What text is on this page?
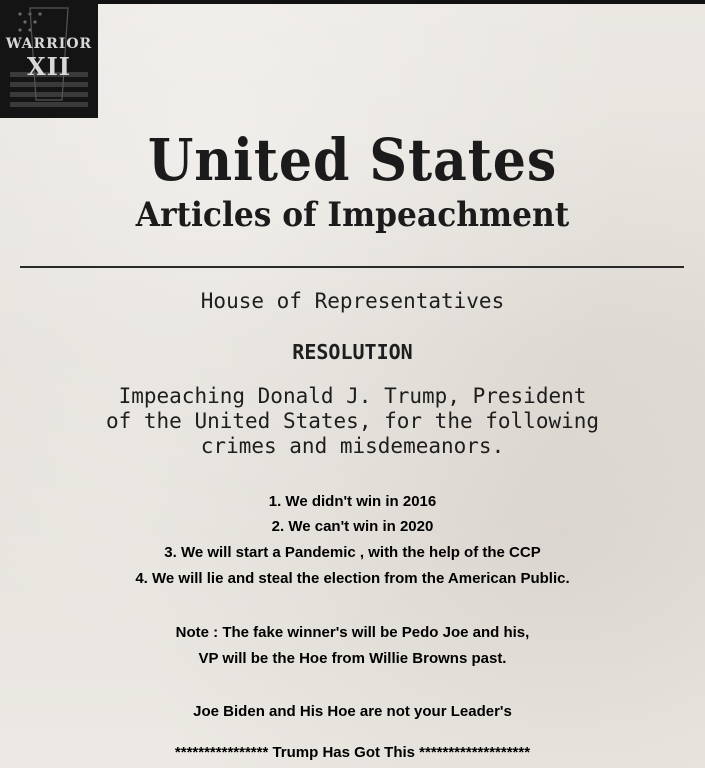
WARRIOR
XII
United States
Articles of Impeachment
House of Representatives
RESOLUTION
Impeaching Donald J. Trump, President
of the United States, for the following
crimes and misdemeanors.
1. We didn't win in 2016
2. We can't win in 2020
3. We will start a Pandemic , with the help of the CCP
4. We will lie and steal the election from the American Public.
Note : The fake winner's will be Pedo Joe and his,
VP will be the Hoe from Willie Browns past.
Joe Biden and His Hoe are not your Leader's
**************** Trump Has Got This *******************
